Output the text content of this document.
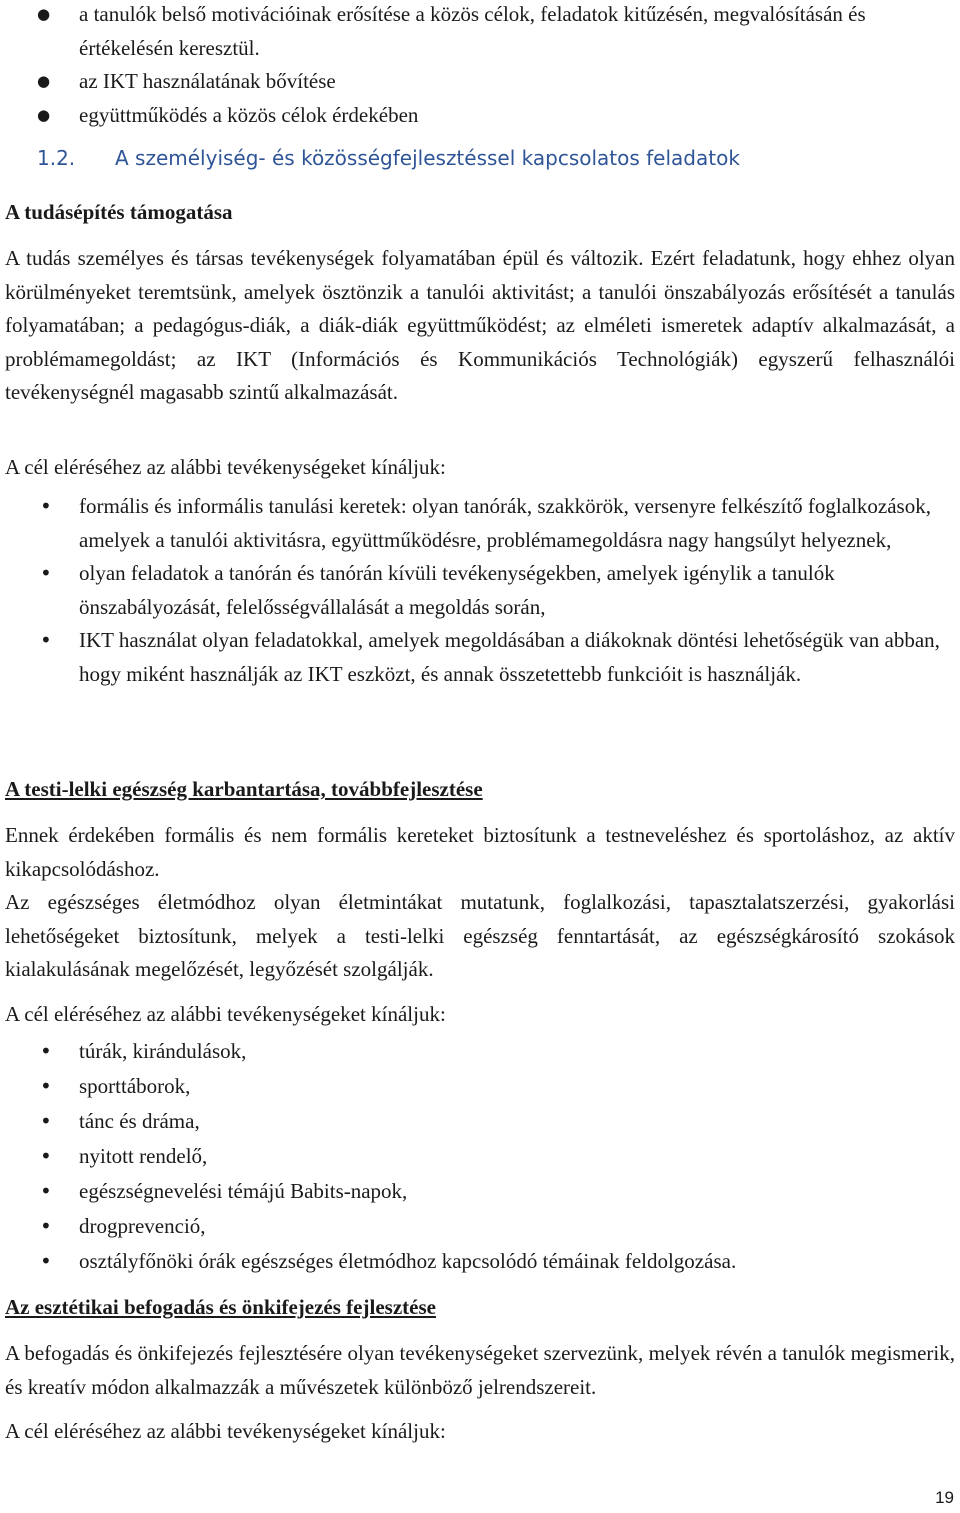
● a tanulók belső motivációinak erősítése a közös célok, feladatok kitűzésén, megvalósításán és értékelésén keresztül.
● az IKT használatának bővítése
● együttműködés a közös célok érdekében
1.2. A személyiség- és közösségfejlesztéssel kapcsolatos feladatok

A tudásépítés támogatása

A tudás személyes és társas tevékenységek folyamatában épül és változik. Ezért feladatunk, hogy ehhez olyan körülményeket teremtsünk, amelyek ösztönzik a tanulói aktivitást; a tanulói önszabályozás erősítését a tanulás folyamatában; a pedagógus-diák, a diák-diák együttműködést; az elméleti ismeretek adaptív alkalmazását, a problémamegoldást; az IKT (Információs és Kommunikációs Technológiák) egyszerű felhasználói tevékenységnél magasabb szintű alkalmazását.

A cél eléréséhez az alábbi tevékenységeket kínáljuk:

• formális és informális tanulási keretek: olyan tanórák, szakkörök, versenyre felkészítő foglalkozások, amelyek a tanulói aktivitásra, együttműködésre, problémamegoldásra nagy hangsúlyt helyeznek,
• olyan feladatok a tanórán és tanórán kívüli tevékenységekben, amelyek igénylik a tanulók önszabályozását, felelősségvállalását a megoldás során,
• IKT használat olyan feladatokkal, amelyek megoldásában a diákoknak döntési lehetőségük van abban, hogy miként használják az IKT eszközt, és annak összetettebb funkcióit is használják.

A testi-lelki egészség karbantartása, továbbfejlesztése

Ennek érdekében formális és nem formális kereteket biztosítunk a testneveléshez és sportoláshoz, az aktív kikapcsolódáshoz.

Az egészséges életmódhoz olyan életmintákat mutatunk, foglalkozási, tapasztalatszerzési, gyakorlási lehetőségeket biztosítunk, melyek a testi-lelki egészség fenntartását, az egészségkárosító szokások kialakulásának megelőzését, legyőzését szolgálják.

A cél eléréséhez az alábbi tevékenységeket kínáljuk:

• túrák, kirándulások,
• sporttáborok,
• tánc és dráma,
• nyitott rendelő,
• egészségnevelési témájú Babits-napok,
• drogprevenció,
• osztályfőnöki órák egészséges életmódhoz kapcsolódó témáinak feldolgozása.

Az esztétikai befogadás és önkifejezés fejlesztése

A befogadás és önkifejezés fejlesztésére olyan tevékenységeket szervezünk, melyek révén a tanulók megismerik, és kreatív módon alkalmazzák a művészetek különböző jelrendszereit.

A cél eléréséhez az alábbi tevékenységeket kínáljuk:

19
